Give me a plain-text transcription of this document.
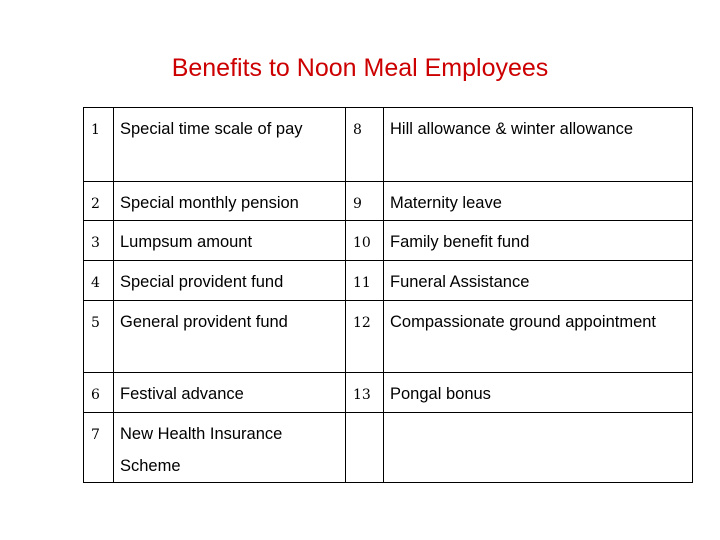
Benefits to Noon Meal Employees
1	Special time scale of pay	8	Hill allowance & winter allowance

2	Special monthly pension	9	Maternity leave

3	Lumpsum amount	10	Family benefit fund

4	Special provident fund	11	Funeral Assistance

5	General provident fund	12	Compassionate ground appointment

6	Festival advance	13	Pongal bonus

7	New Health Insurance Scheme		
